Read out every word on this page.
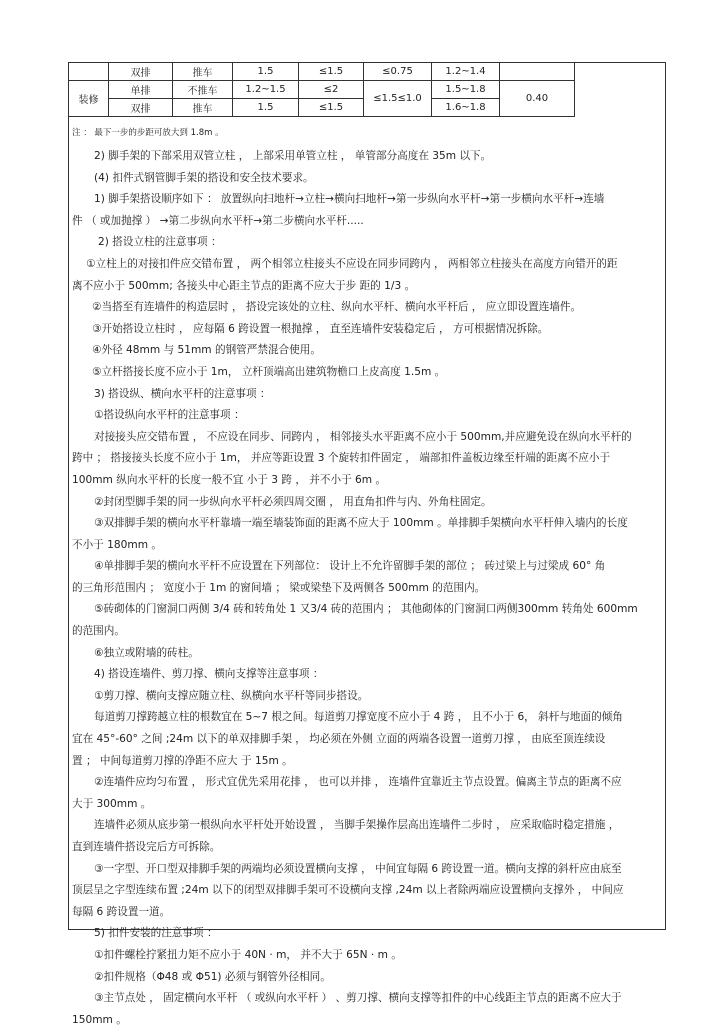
	双排	推车	1.5	≤1.5	≤0.75	1.2~1.4	
装修	单排	不推车	1.2~1.5	≤2	≤1.5≤1.0	1.5~1.8	0.40
	双排	推车	1.5	≤1.5		1.6~1.8	
注 ： 最下一步的步距可放大到 1.8m 。

2) 脚手架的下部采用双管立柱 ， 上部采用单管立柱 ， 单管部分高度在 35m 以下。

(4) 扣件式钢管脚手架的搭设和安全技术要求。

1) 脚手架搭设顺序如下 ： 放置纵向扫地杆→立柱→横向扫地杆→第一步纵向水平杆→第一步横向水平杆→连墙

件 （ 或加抛撑 ） →第二步纵向水平杆→第二步横向水平杆.....

2) 搭设立柱的注意事项 ：

①立柱上的对接扣件应交错布置 ， 两个相邻立柱接头不应设在同步同跨内 ， 两相邻立柱接头在高度方向错开的距

离不应小于 500mm; 各接头中心距主节点的距离不应大于步 距的 1/3 。

②当搭至有连墙件的构造层时 ， 搭设完该处的立柱、纵向水平杆、横向水平杆后 ， 应立即设置连墙件。

③开始搭设立柱时 ， 应每隔 6 跨设置一根抛撑 ， 直至连墙件安装稳定后 ， 方可根据情况拆除。

④外径 48mm 与 51mm 的钢管严禁混合使用。

⑤立杆搭接长度不应小于 1m， 立杆顶端高出建筑物檐口上皮高度 1.5m 。

3) 搭设纵、横向水平杆的注意事项 ：

①搭设纵向水平杆的注意事项 ：

对接接头应交错布置 ， 不应设在同步、同跨内 ， 相邻接头水平距离不应小于 500mm,并应避免设在纵向水平杆的

跨中 ； 搭接接头长度不应小于 1m， 并应等距设置 3 个旋转扣件固定 ， 端部扣件盖板边缘至杆端的距离不应小于

100mm 纵向水平杆的长度一般不宜 小于 3 跨 ， 并不小于 6m 。

②封闭型脚手架的同一步纵向水平杆必须四周交圈 ， 用直角扣件与内、外角柱固定。

③双排脚手架的横向水平杆靠墙一端至墙装饰面的距离不应大于 100mm 。单排脚手架横向水平杆伸入墙内的长度

不小于 180mm 。

④单排脚手架的横向水平杆不应设置在下列部位： 设计上不允许留脚手架的部位 ； 砖过梁上与过梁成 60° 角

的三角形范围内 ； 宽度小于 1m 的窗间墙 ； 梁或梁垫下及两侧各 500mm 的范围内。

⑤砖砌体的门窗洞口两侧 3/4 砖和转角处 1 又3/4 砖的范围内 ； 其他砌体的门窗洞口两侧300mm 转角处 600mm

的范围内。

⑥独立或附墙的砖柱。

4) 搭设连墙件、剪刀撑、横向支撑等注意事项 ：

①剪刀撑、横向支撑应随立柱、纵横向水平杆等同步搭设。

每道剪刀撑跨越立柱的根数宜在 5~7 根之间。每道剪刀撑宽度不应小于 4 跨 ， 且不小于 6， 斜杆与地面的倾角

宜在 45°-60° 之间 ;24m 以下的单双排脚手架 ， 均必须在外侧 立面的两端各设置一道剪刀撑 ， 由底至顶连续设

置 ； 中间每道剪刀撑的净距不应大 于 15m 。

②连墙件应均匀布置 ， 形式宜优先采用花排 ， 也可以并排 ， 连墙件宜靠近主节点设置。偏离主节点的距离不应

大于 300mm 。

连墙件必须从底步第一根纵向水平杆处开始设置 ， 当脚手架操作层高出连墙件二步时 ， 应采取临时稳定措施 ，

直到连墙件搭设完后方可拆除。

③一字型、开口型双排脚手架的两端均必须设置横向支撑 ， 中间宜每隔 6 跨设置一道。横向支撑的斜杆应由底至

顶层呈之字型连续布置 ;24m 以下的闭型双排脚手架可不设横向支撑 ,24m 以上者除两端应设置横向支撑外 ， 中间应

每隔 6 跨设置一道。

5) 扣件安装的注意事项 ：

①扣件螺栓拧紧扭力矩不应小于 40N · m， 并不大于 65N · m 。

②扣件规格（Φ48 或 Φ51) 必须与钢管外径相同。

③主节点处 ， 固定横向水平杆 （ 或纵向水平杆 ） 、剪刀撑、横向支撑等扣件的中心线距主节点的距离不应大于

150mm 。
